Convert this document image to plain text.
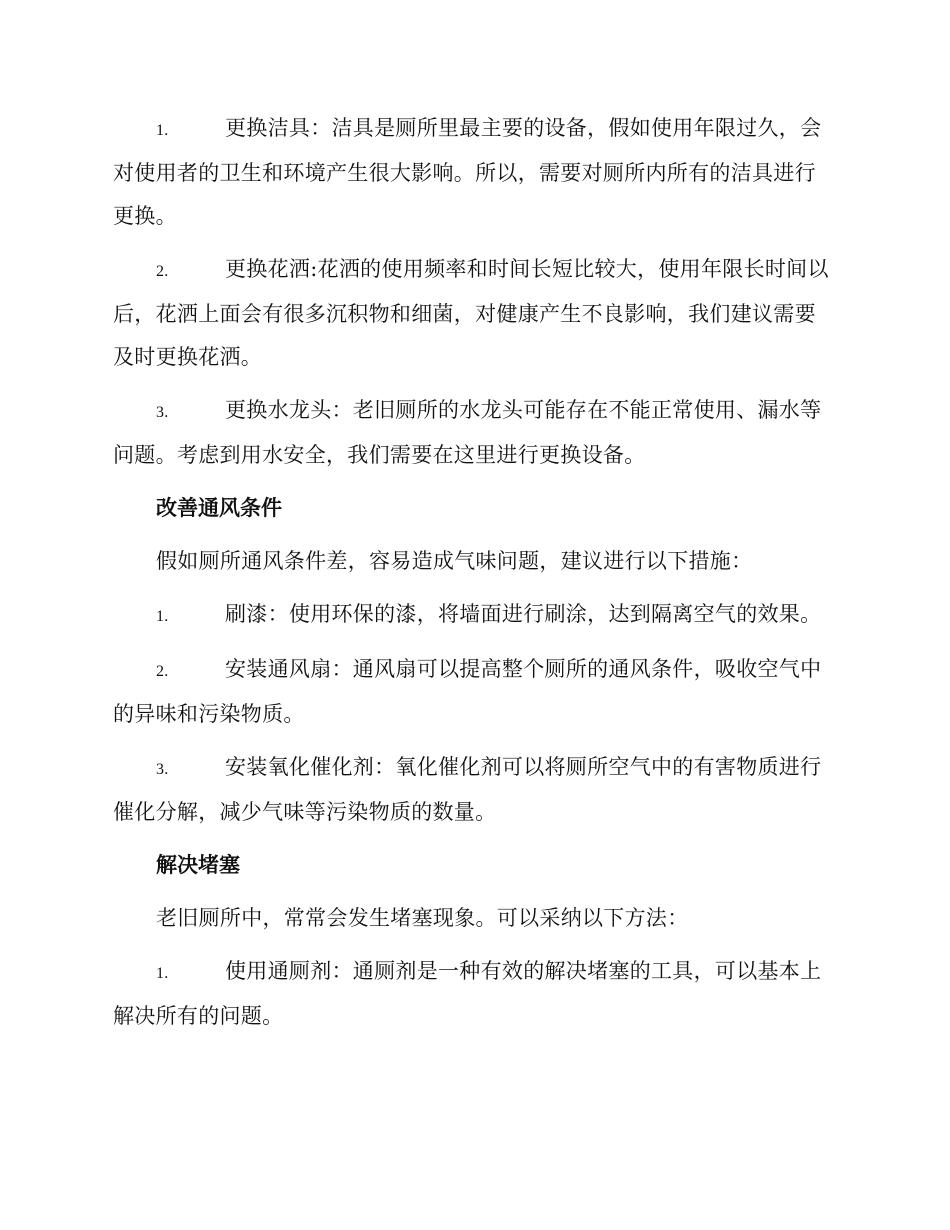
1.	更换洁具：洁具是厕所里最主要的设备，假如使用年限过久，会对使用者的卫生和环境产生很大影响。所以，需要对厕所内所有的洁具进行更换。
2.	更换花洒:花洒的使用频率和时间长短比较大，使用年限长时间以后，花洒上面会有很多沉积物和细菌，对健康产生不良影响，我们建议需要及时更换花洒。
3.	更换水龙头：老旧厕所的水龙头可能存在不能正常使用、漏水等问题。考虑到用水安全，我们需要在这里进行更换设备。
改善通风条件
假如厕所通风条件差，容易造成气味问题，建议进行以下措施：
1.	刷漆：使用环保的漆，将墙面进行刷涂，达到隔离空气的效果。
2.	安装通风扇：通风扇可以提高整个厕所的通风条件，吸收空气中的异味和污染物质。
3.	安装氧化催化剂：氧化催化剂可以将厕所空气中的有害物质进行催化分解，减少气味等污染物质的数量。
解决堵塞
老旧厕所中，常常会发生堵塞现象。可以采纳以下方法：
1.	使用通厕剂：通厕剂是一种有效的解决堵塞的工具，可以基本上解决所有的问题。
